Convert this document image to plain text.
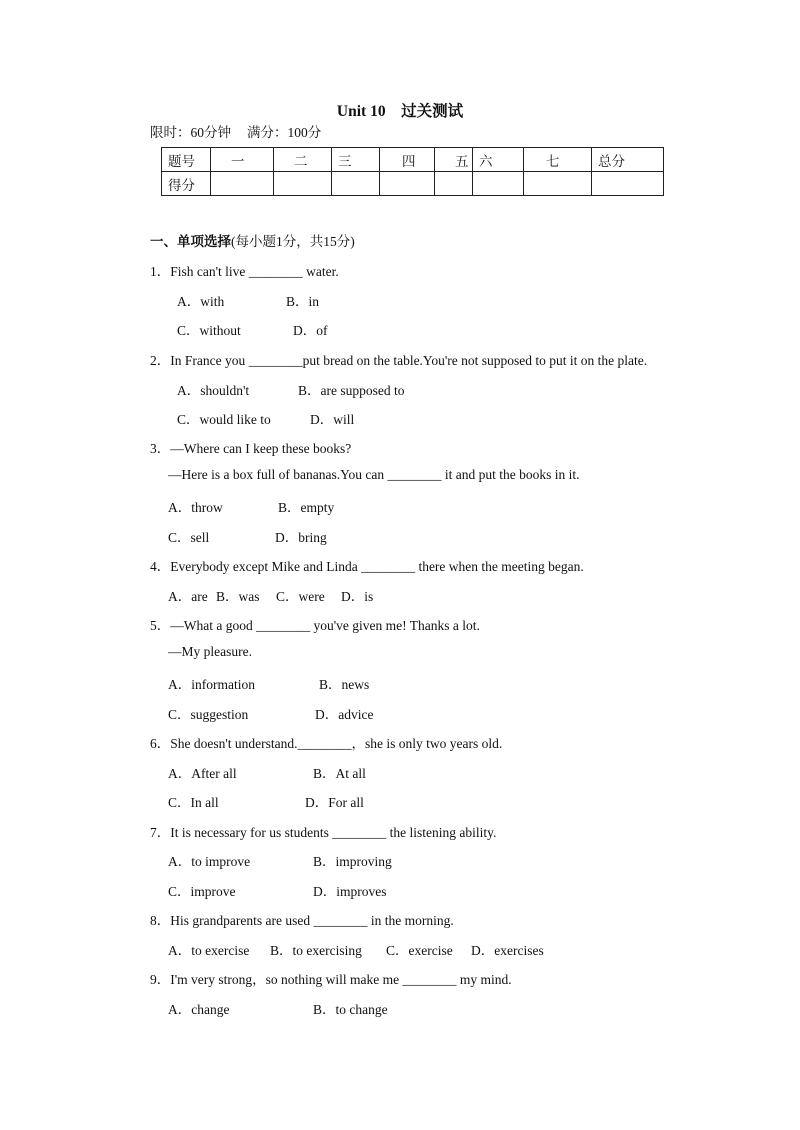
Unit 10　过关测试
限时：60分钟 满分：100分
题号	一	二	三	四	五	六	七	总分
得分								
一、单项选择(每小题1分，共15分)
1．Fish can't live ________ water.
A．with	B．in
C．without	D．of
2．In France you ________put bread on the table.You're not supposed to put it on the plate.
A．shouldn't	B．are supposed to
C．would like to	D．will
3．—Where can I keep these books?
—Here is a box full of bananas.You can ________ it and put the books in it.
A．throw	B．empty
C．sell	D．bring
4．Everybody except Mike and Linda ________ there when the meeting began.
A．are B．was C．were D．is
5．—What a good ________ you've given me! Thanks a lot.
—My pleasure.
A．information	B．news
C．suggestion	D．advice
6．She doesn't understand.________，she is only two years old.
A．After all	B．At all
C．In all	D．For all
7．It is necessary for us students ________ the listening ability.
A．to improve	B．improving
C．improve	D．improves
8．His grandparents are used ________ in the morning.
A．to exercise B．to exercising C．exercise D．exercises
9．I'm very strong，so nothing will make me ________ my mind.
A．change	B．to change
